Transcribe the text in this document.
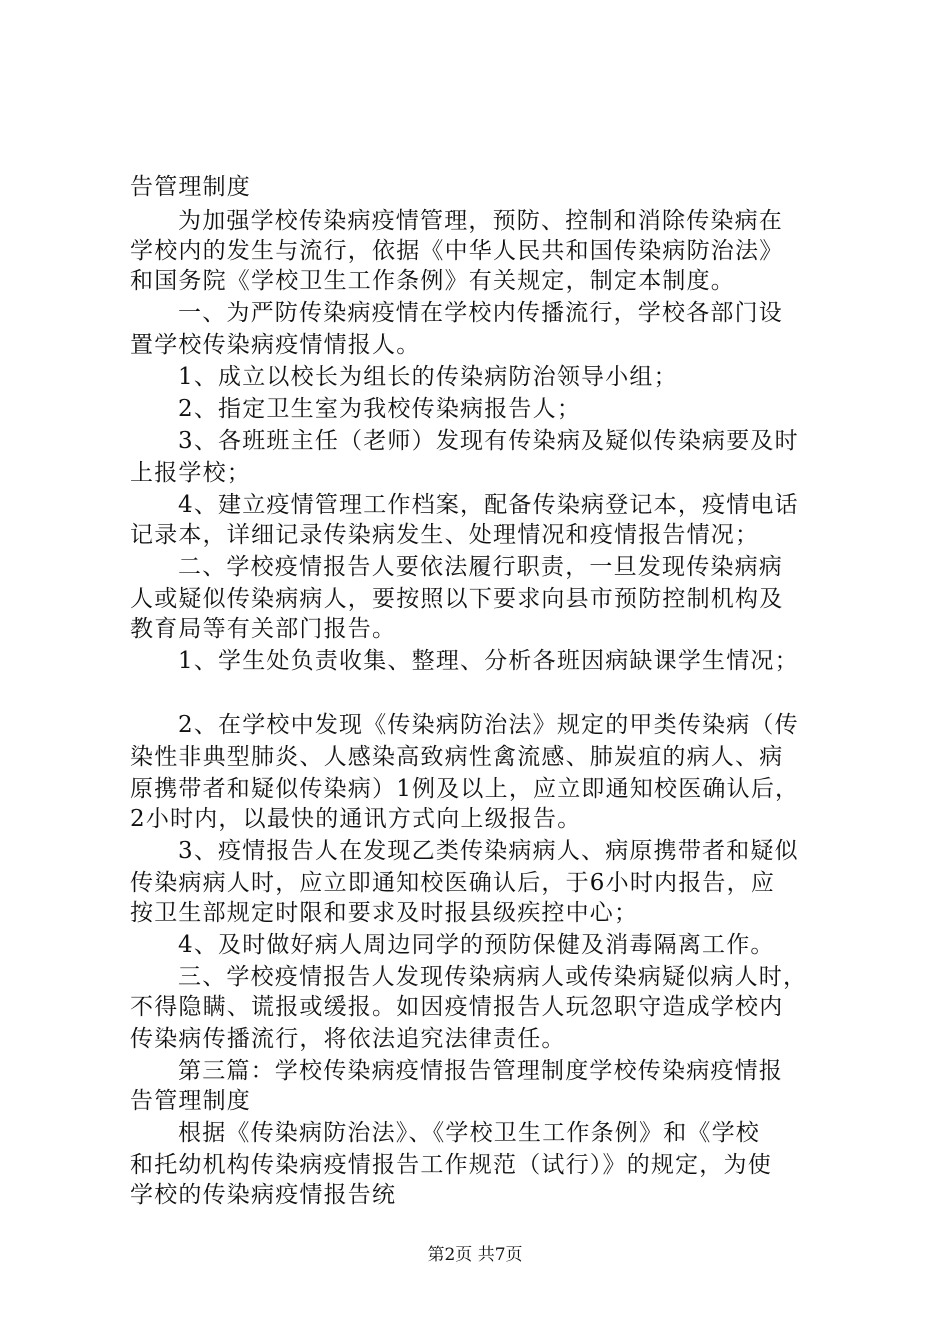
告管理制度
为加强学校传染病疫情管理，预防、控制和消除传染病在
学校内的发生与流行，依据《中华人民共和国传染病防治法》
和国务院《学校卫生工作条例》有关规定，制定本制度。
一、为严防传染病疫情在学校内传播流行，学校各部门设
置学校传染病疫情情报人。
1、成立以校长为组长的传染病防治领导小组；
2、指定卫生室为我校传染病报告人；
3、各班班主任（老师）发现有传染病及疑似传染病要及时
上报学校；
4、建立疫情管理工作档案，配备传染病登记本，疫情电话
记录本，详细记录传染病发生、处理情况和疫情报告情况；
二、学校疫情报告人要依法履行职责，一旦发现传染病病
人或疑似传染病病人，要按照以下要求向县市预防控制机构及
教育局等有关部门报告。
1、学生处负责收集、整理、分析各班因病缺课学生情况；
2、在学校中发现《传染病防治法》规定的甲类传染病（传
染性非典型肺炎、人感染高致病性禽流感、肺炭疽的病人、病
原携带者和疑似传染病）1例及以上，应立即通知校医确认后，
2小时内，以最快的通讯方式向上级报告。
3、疫情报告人在发现乙类传染病病人、病原携带者和疑似
传染病病人时，应立即通知校医确认后，于6小时内报告，应
按卫生部规定时限和要求及时报县级疾控中心；
4、及时做好病人周边同学的预防保健及消毒隔离工作。
三、学校疫情报告人发现传染病病人或传染病疑似病人时，
不得隐瞒、谎报或缓报。如因疫情报告人玩忽职守造成学校内
传染病传播流行，将依法追究法律责任。
第三篇：学校传染病疫情报告管理制度学校传染病疫情报
告管理制度
根据《传染病防治法》、《学校卫生工作条例》和《学校
和托幼机构传染病疫情报告工作规范（试行）》的规定，为使
学校的传染病疫情报告统
第2页 共7页
